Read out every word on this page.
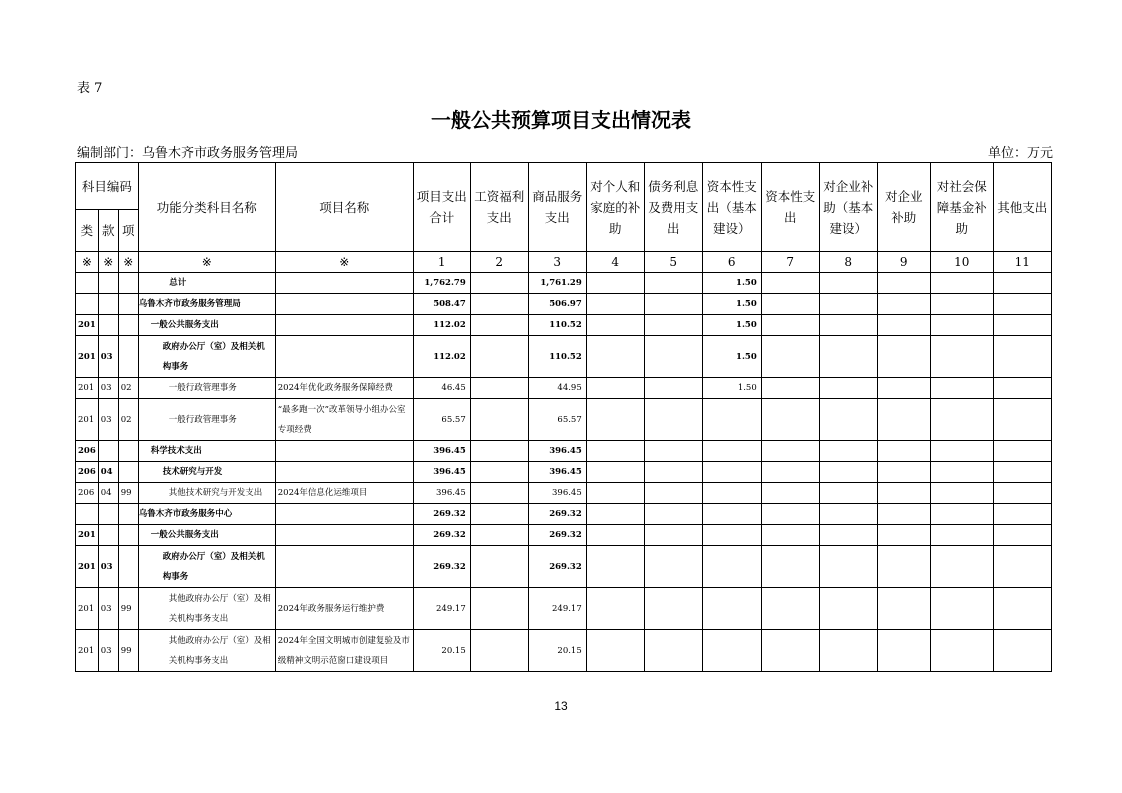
表 7
一般公共预算项目支出情况表
编制部门：乌鲁木齐市政务服务管理局	单位：万元
科目编码			功能分类科目名称	项目名称	项目支出合计	工资福利支出	商品服务支出	对个人和家庭的补助	债务利息及费用支出	资本性支出（基本建设）	资本性支出	对企业补助（基本建设）	对企业补助	对社会保障基金补助	其他支出
类	款	项													
※	※	※	※	※	1	2	3	4	5	6	7	8	9	10	11
			总计		1,762.79		1,761.29			1.50					
			乌鲁木齐市政务服务管理局		508.47		506.97			1.50					
201			一般公共服务支出		112.02		110.52			1.50					
201	03		政府办公厅（室）及相关机构事务		112.02		110.52			1.50					
201	03	02	一般行政管理事务	2024年优化政务服务保障经费	46.45		44.95			1.50					
201	03	02	一般行政管理事务	“最多跑一次”改革领导小组办公室专项经费	65.57		65.57								
206			科学技术支出		396.45		396.45								
206	04		技术研究与开发		396.45		396.45								
206	04	99	其他技术研究与开发支出	2024年信息化运维项目	396.45		396.45								
			乌鲁木齐市政务服务中心		269.32		269.32								
201			一般公共服务支出		269.32		269.32								
201	03		政府办公厅（室）及相关机构事务		269.32		269.32								
201	03	99	其他政府办公厅（室）及相关机构事务支出	2024年政务服务运行维护费	249.17		249.17								
201	03	99	其他政府办公厅（室）及相关机构事务支出	2024年全国文明城市创建复验及市级精神文明示范窗口建设项目	20.15		20.15								
13
